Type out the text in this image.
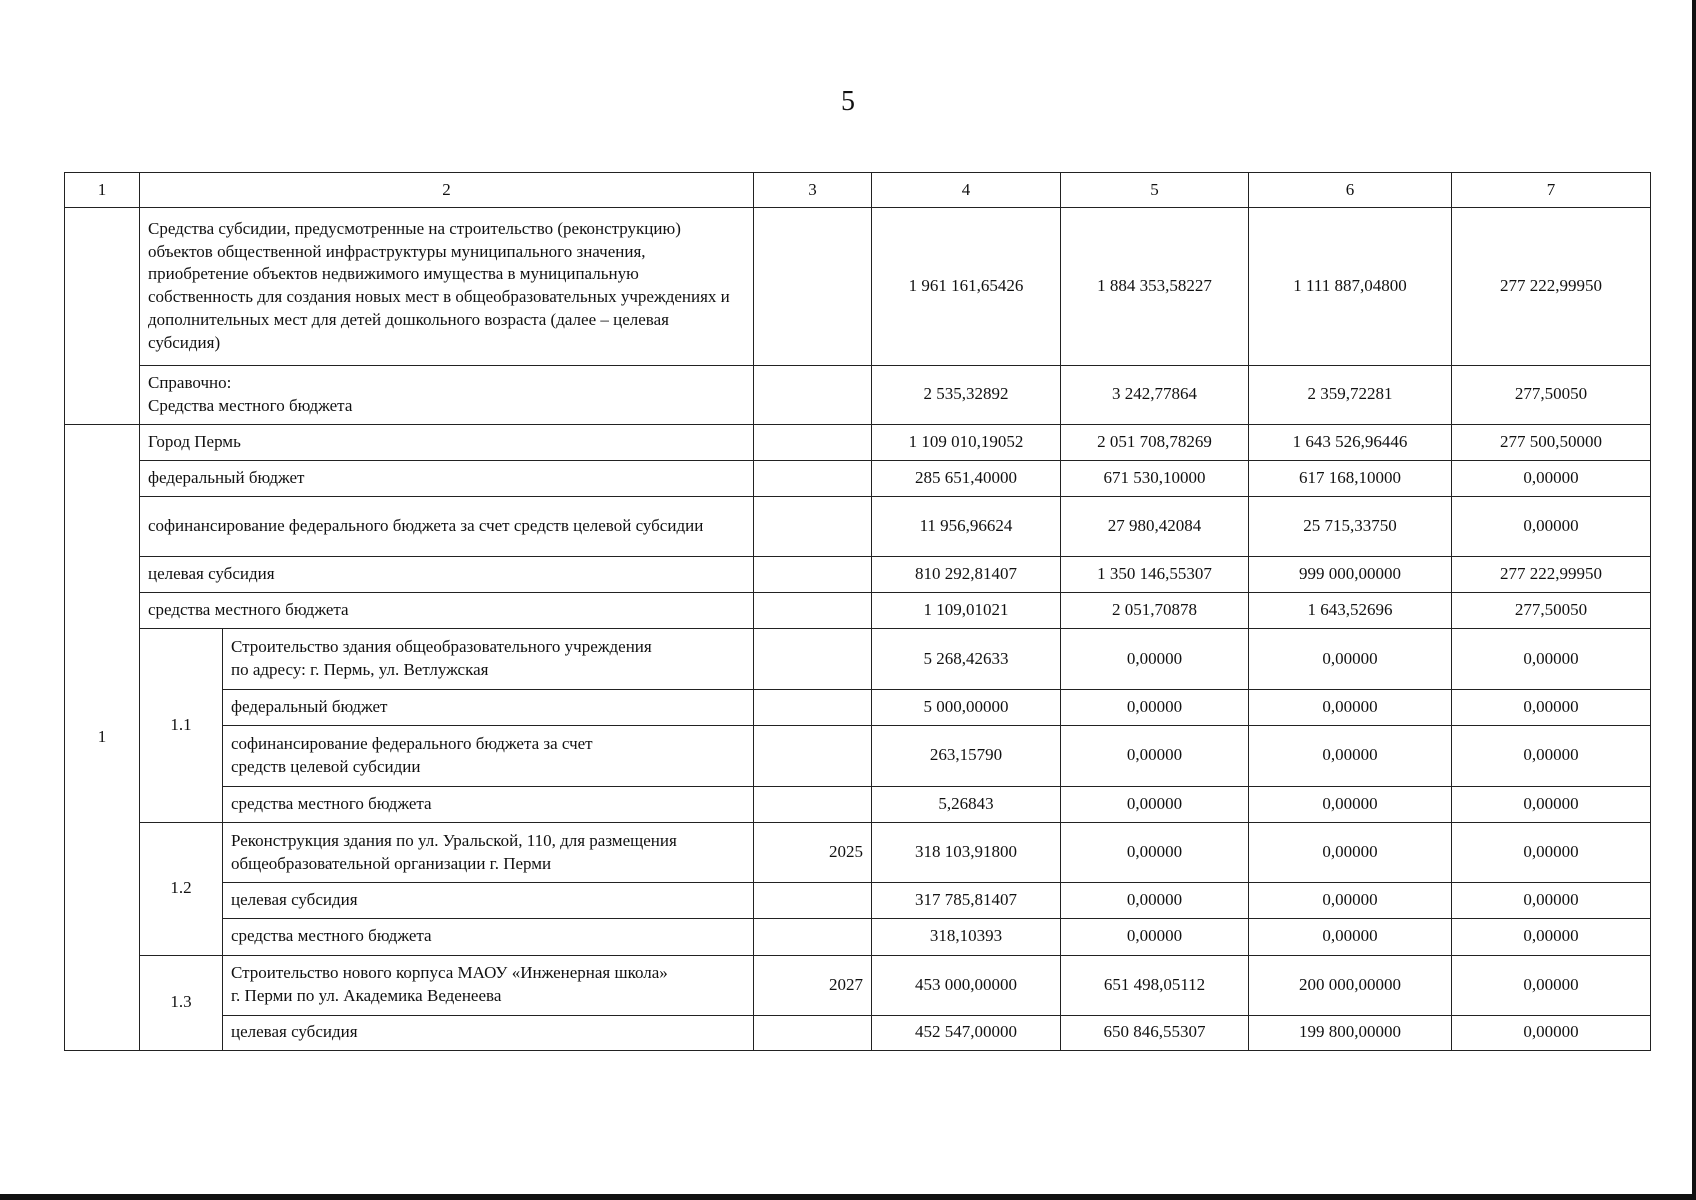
5
1	2		3	4	5	6	7
	Средства субсидии, предусмотренные на строительство (реконструкцию) объектов общественной инфраструктуры муниципального значения, приобретение объектов недвижимого имущества в муниципальную собственность для создания новых мест в общеобразовательных учреждениях и дополнительных мест для детей дошкольного возраста (далее – целевая субсидия)			1 961 161,65426	1 884 353,58227	1 111 887,04800	277 222,99950

	Справочно:
Средства местного бюджета			2 535,32892	3 242,77864	2 359,72281	277,50050
1	Город Пермь			1 109 010,19052	2 051 708,78269	1 643 526,96446	277 500,50000
	федеральный бюджет			285 651,40000	671 530,10000	617 168,10000	0,00000
	софинансирование федерального бюджета за счет средств целевой субсидии			11 956,96624	27 980,42084	25 715,33750	0,00000
	целевая субсидия			810 292,81407	1 350 146,55307	999 000,00000	277 222,99950
	средства местного бюджета			1 109,01021	2 051,70878	1 643,52696	277,50050
	1.1	Строительство здания общеобразовательного учреждения
по адресу: г. Пермь, ул. Ветлужская		5 268,42633	0,00000	0,00000	0,00000
		федеральный бюджет		5 000,00000	0,00000	0,00000	0,00000

		софинансирование федерального бюджета за счет
средств целевой субсидии		263,15790	0,00000	0,00000	0,00000
		средства местного бюджета		5,26843	0,00000	0,00000	0,00000
	1.2	Реконструкция здания по ул. Уральской, 110, для размещения
общеобразовательной организации г. Перми	2025	318 103,91800	0,00000	0,00000	0,00000
		целевая субсидия		317 785,81407	0,00000	0,00000	0,00000
		средства местного бюджета		318,10393	0,00000	0,00000	0,00000
	1.3	Строительство нового корпуса МАОУ «Инженерная школа»
г. Перми по ул. Академика Веденеева	2027	453 000,00000	651 498,05112	200 000,00000	0,00000
		целевая субсидия		452 547,00000	650 846,55307	199 800,00000	0,00000
